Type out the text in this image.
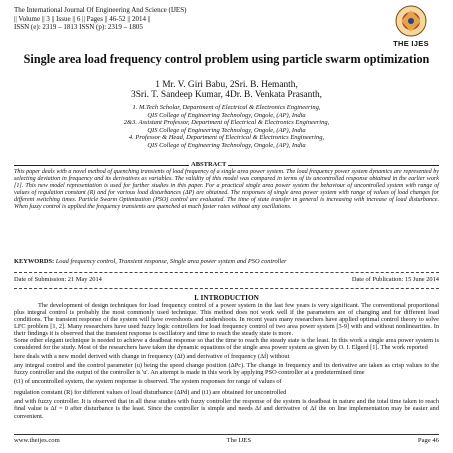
The International Journal Of Engineering And Science (IJES)
|| Volume || 3 || Issue || 6 || Pages || 46-52 || 2014 ||
ISSN (e): 2319 – 1813 ISSN (p): 2319 – 1805
THE IJES
Single area load frequency control problem using particle swarm optimization
1 Mr. V. Giri Babu, 2Sri. B. Hemanth,
3Sri. T. Sandeep Kumar, 4Dr. B. Venkata Prasanth,
1. M.Tech Scholar, Department of Electrical & Electronics Engineering,
QIS College of Engineering Technology, Ongole, (AP), India
2&3. Assistant Professor, Department of Electrical & Electronics Engineering,
QIS College of Engineering Technology, Ongole, (AP), India
4. Professor & Head, Department of Electrical & Electronics Engineering,
QIS College of Engineering Technology, Ongole, (AP), India
ABSTRACT
This paper deals with a novel method of quenching transients of load frequency of a single area power system. The load frequency power system dynamics are represented by selecting deviation in frequency and its derivatives as variables. The validity of this model was compared in terms of its uncontrolled response obtained in the earlier work [1]. This new model representation is used for further studies in this paper. For a practical single area power system the behaviour of uncontrolled system with range of values of regulation constant (R) and for various load disturbances (ΔP) are obtained. The responses of single area power system with range of values of load changes for different switching times. Particle Swarm Optimization (PSO) control are evaluated. The time of state transfer in general is increasing with increase of load disturbance. When fuzzy control is applied the frequency transients are quenched at much faster rates without any oscillations.
KEYWORDS: Load frequency control, Transient response, Single area power system and PSO controller
Date of Submission: 21 May 2014	Date of Publication: 15 June 2014
I. INTRODUCTION

The development of design techniques for load frequency control of a power system in the last few years is very significant. The conventional proportional plus integral control is probably the most commonly used technique. This method does not work well if the parameters are of changing and for different load conditions. The transient response of the system will have overshoots and undershoots. In recent years many researchers have applied optimal control theory to solve LFC problem [1, 2]. Many researchers have used fuzzy logic controllers for load frequency control of two area power system [3-9] with and without nonlinearities. In their findings it is observed that the transient response is oscillatory and time to reach the steady state is more.

Some other elegant technique is needed to achieve a deadbeat response so that the time to reach the steady state is the least. In this work a single area power system is considered for the study. Most of the researchers have taken the dynamic equations of the single area power system as given by O. I. Elgerd [1]. The work reported

here deals with a new model derived with change in frequency (Δf) and derivative of frequency (Δḟ) without

any integral control and the control parameter (u) being the speed change position (ΔPc). The change in frequency and its derivative are taken as crisp values to the fuzzy controller and the output of the controller is 'u'. An attempt is made in this work by applying PSO controller at a predetermined time

(t1) of uncontrolled system, the system response is observed. The system responses for range of values of

regulation constant (R) for different values of load disturbance (ΔPd) and (t1) are obtained for uncontrolled

and with fuzzy controller. It is observed that in all these studies with fuzzy controller the response of the system is deadbeat in nature and the total time taken to reach final value is Δf = 0 after disturbance is the least. Since the controller is simple and needs Δf and derivative of Δf the on line implementation may be easier and convenient.

www.theijes.com	The IJES	Page 46
